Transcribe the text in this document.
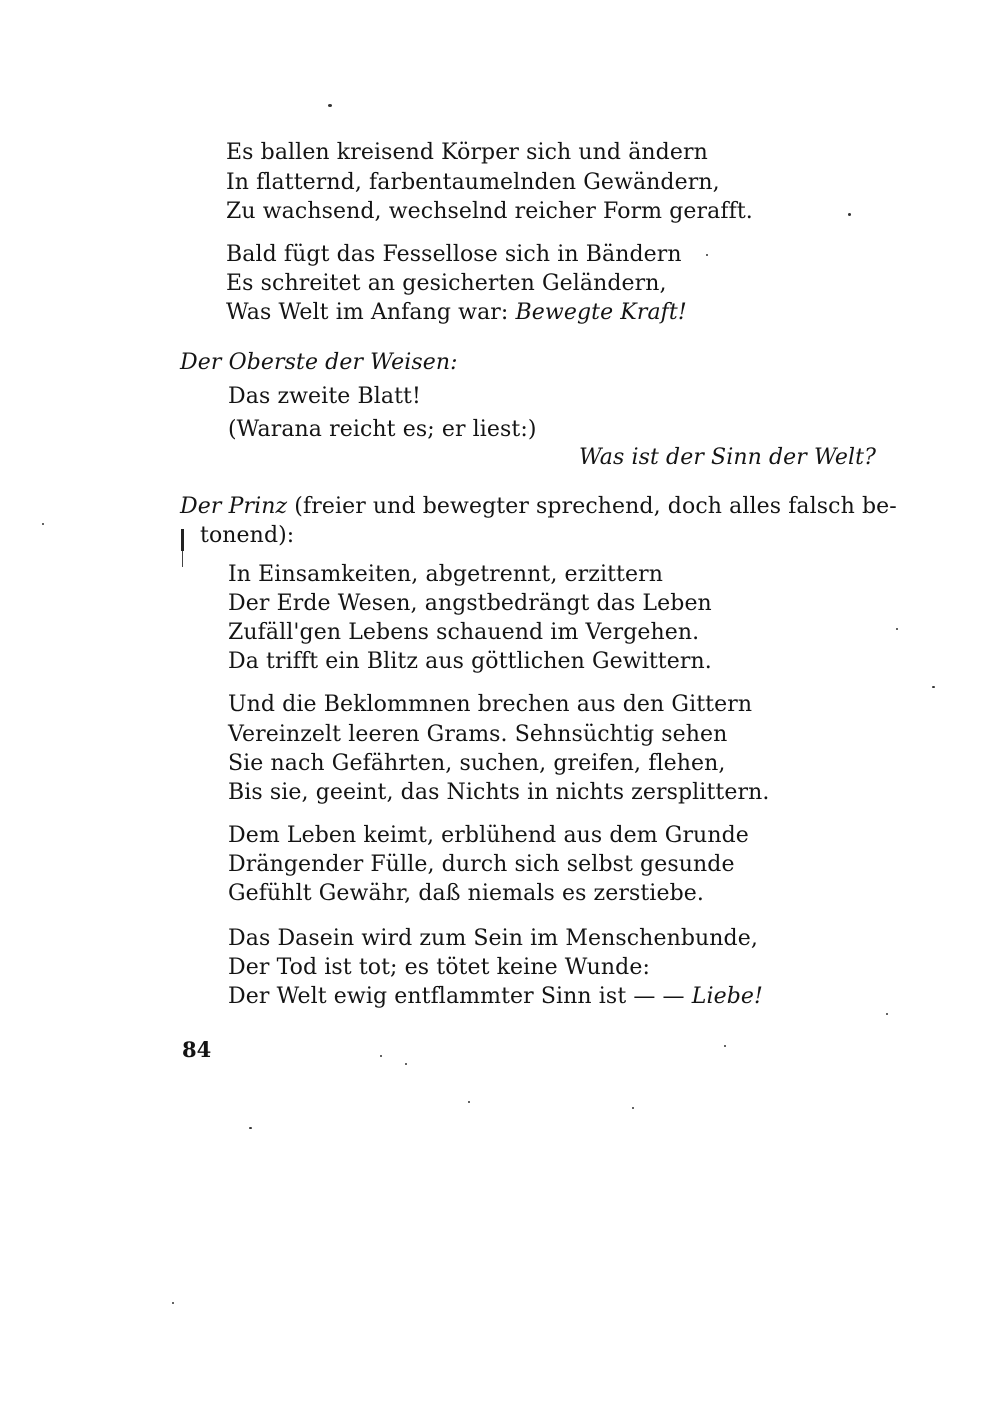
Es ballen kreisend Körper sich und ändern
In flatternd, farbentaumelnden Gewändern,
Zu wachsend, wechselnd reicher Form gerafft.
Bald fügt das Fessellose sich in Bändern
Es schreitet an gesicherten Geländern,
Was Welt im Anfang war: Bewegte Kraft!
Der Oberste der Weisen:
Das zweite Blatt!
(Warana reicht es; er liest:)
Was ist der Sinn der Welt?
Der Prinz (freier und bewegter sprechend, doch alles falsch be-
tonend):
In Einsamkeiten, abgetrennt, erzittern
Der Erde Wesen, angstbedrängt das Leben
Zufäll'gen Lebens schauend im Vergehen.
Da trifft ein Blitz aus göttlichen Gewittern.
Und die Beklommnen brechen aus den Gittern
Vereinzelt leeren Grams. Sehnsüchtig sehen
Sie nach Gefährten, suchen, greifen, flehen,
Bis sie, geeint, das Nichts in nichts zersplittern.
Dem Leben keimt, erblühend aus dem Grunde
Drängender Fülle, durch sich selbst gesunde
Gefühlt Gewähr, daß niemals es zerstiebe.
Das Dasein wird zum Sein im Menschenbunde,
Der Tod ist tot; es tötet keine Wunde:
Der Welt ewig entflammter Sinn ist — — Liebe!
84
